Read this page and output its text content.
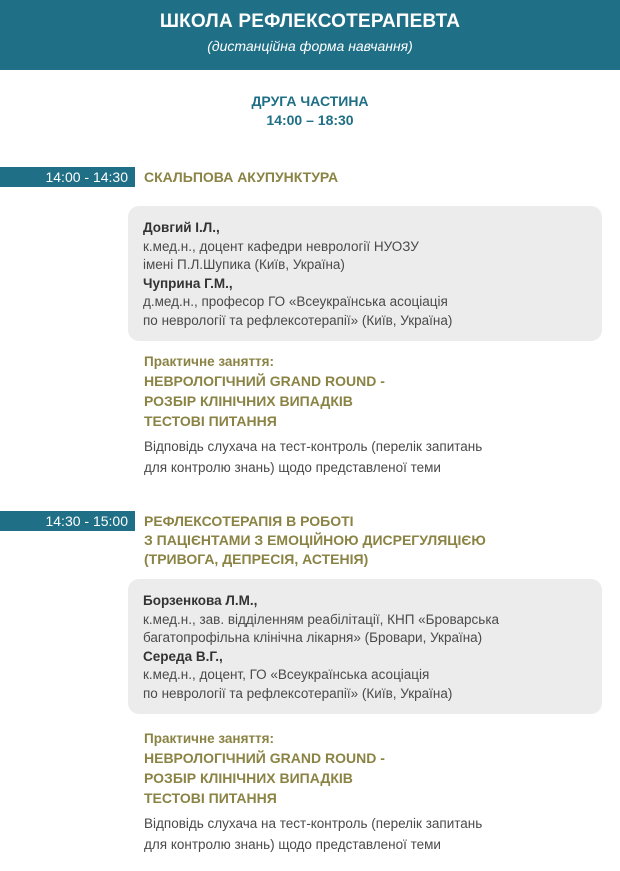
ШКОЛА РЕФЛЕКСОТЕРАПЕВТА
(дистанційна форма навчання)
ДРУГА ЧАСТИНА
14:00 – 18:30
14:00 - 14:30	СКАЛЬПОВА АКУПУНКТУРА
Довгий І.Л.,
к.мед.н., доцент кафедри неврології НУОЗУ
імені П.Л.Шупика (Київ, Україна)
Чуприна Г.М.,
д.мед.н., професор ГО «Всеукраїнська асоціація
по неврології та рефлексотерапії» (Київ, Україна)
Практичне заняття:
НЕВРОЛОГІЧНИЙ GRAND ROUND -
РОЗБІР КЛІНІЧНИХ ВИПАДКІВ
ТЕСТОВІ ПИТАННЯ
Відповідь слухача на тест-контроль (перелік запитань
для контролю знань) щодо представленої теми
14:30 - 15:00	РЕФЛЕКСОТЕРАПІЯ В РОБОТІ
З ПАЦІЄНТАМИ З ЕМОЦІЙНОЮ ДИСРЕГУЛЯЦІЄЮ
(ТРИВОГА, ДЕПРЕСІЯ, АСТЕНІЯ)
Борзенкова Л.М.,
к.мед.н., зав. відділенням реабілітації, КНП «Броварська
багатопрофільна клінічна лікарня» (Бровари, Україна)
Середа В.Г.,
к.мед.н., доцент, ГО «Всеукраїнська асоціація
по неврології та рефлексотерапії» (Київ, Україна)
Практичне заняття:
НЕВРОЛОГІЧНИЙ GRAND ROUND -
РОЗБІР КЛІНІЧНИХ ВИПАДКІВ
ТЕСТОВІ ПИТАННЯ
Відповідь слухача на тест-контроль (перелік запитань
для контролю знань) щодо представленої теми
